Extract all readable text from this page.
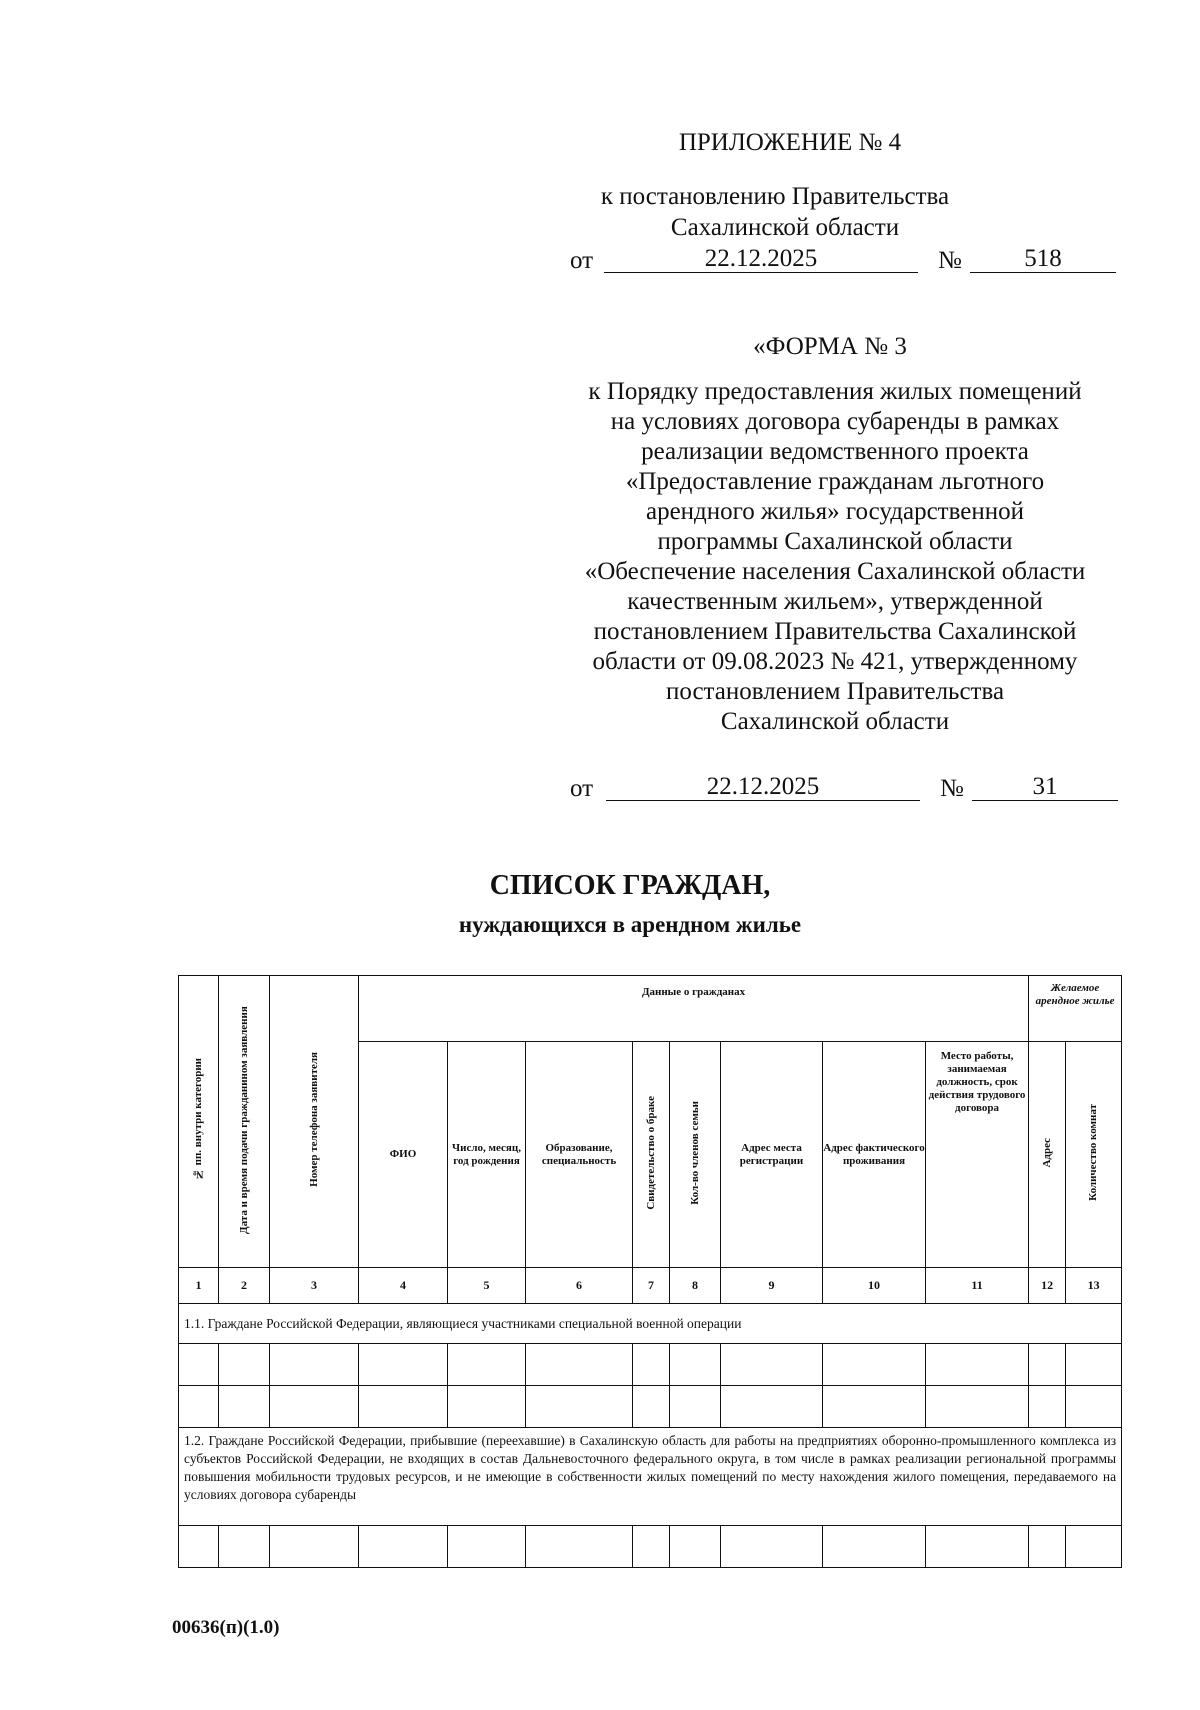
ПРИЛОЖЕНИЕ № 4
к постановлению Правительства
Сахалинской области
от	22.12.2025	№	518
«ФОРМА № 3
к Порядку предоставления жилых помещений
на условиях договора субаренды в рамках
реализации ведомственного проекта
«Предоставление гражданам льготного
арендного жилья» государственной
программы Сахалинской области
«Обеспечение населения Сахалинской области
качественным жильем», утвержденной
постановлением Правительства Сахалинской
области от 09.08.2023 № 421, утвержденному
постановлением Правительства
Сахалинской области
от	22.12.2025	№	31
СПИСОК ГРАЖДАН,
нуждающихся в арендном жилье
№ пп. внутри категории	Дата и время подачи гражданином заявления	Номер телефона заявителя	Данные о гражданах								Желаемое арендное жилье	
			ФИО	Число, месяц, год рождения	Образование, специальность	Свидетельство о браке	Кол-во членов семьи	Адрес места регистрации	Адрес фактического проживания	Место работы, занимаемая должность, срок действия трудового договора	Адрес	Количество комнат
1	2	3	4	5	6	7	8	9	10	11	12	13
1.1. Граждане Российской Федерации, являющиеся участниками специальной военной операции												

1.2. Граждане Российской Федерации, прибывшие (переехавшие) в Сахалинскую область для работы на предприятиях оборонно-промышленного комплекса из субъектов Российской Федерации, не входящих в состав Дальневосточного федерального округа, в том числе в рамках реализации региональной программы повышения мобильности трудовых ресурсов, и не имеющие в собственности жилых помещений по месту нахождения жилого помещения, передаваемого на условиях договора субаренды												

00636(п)(1.0)
